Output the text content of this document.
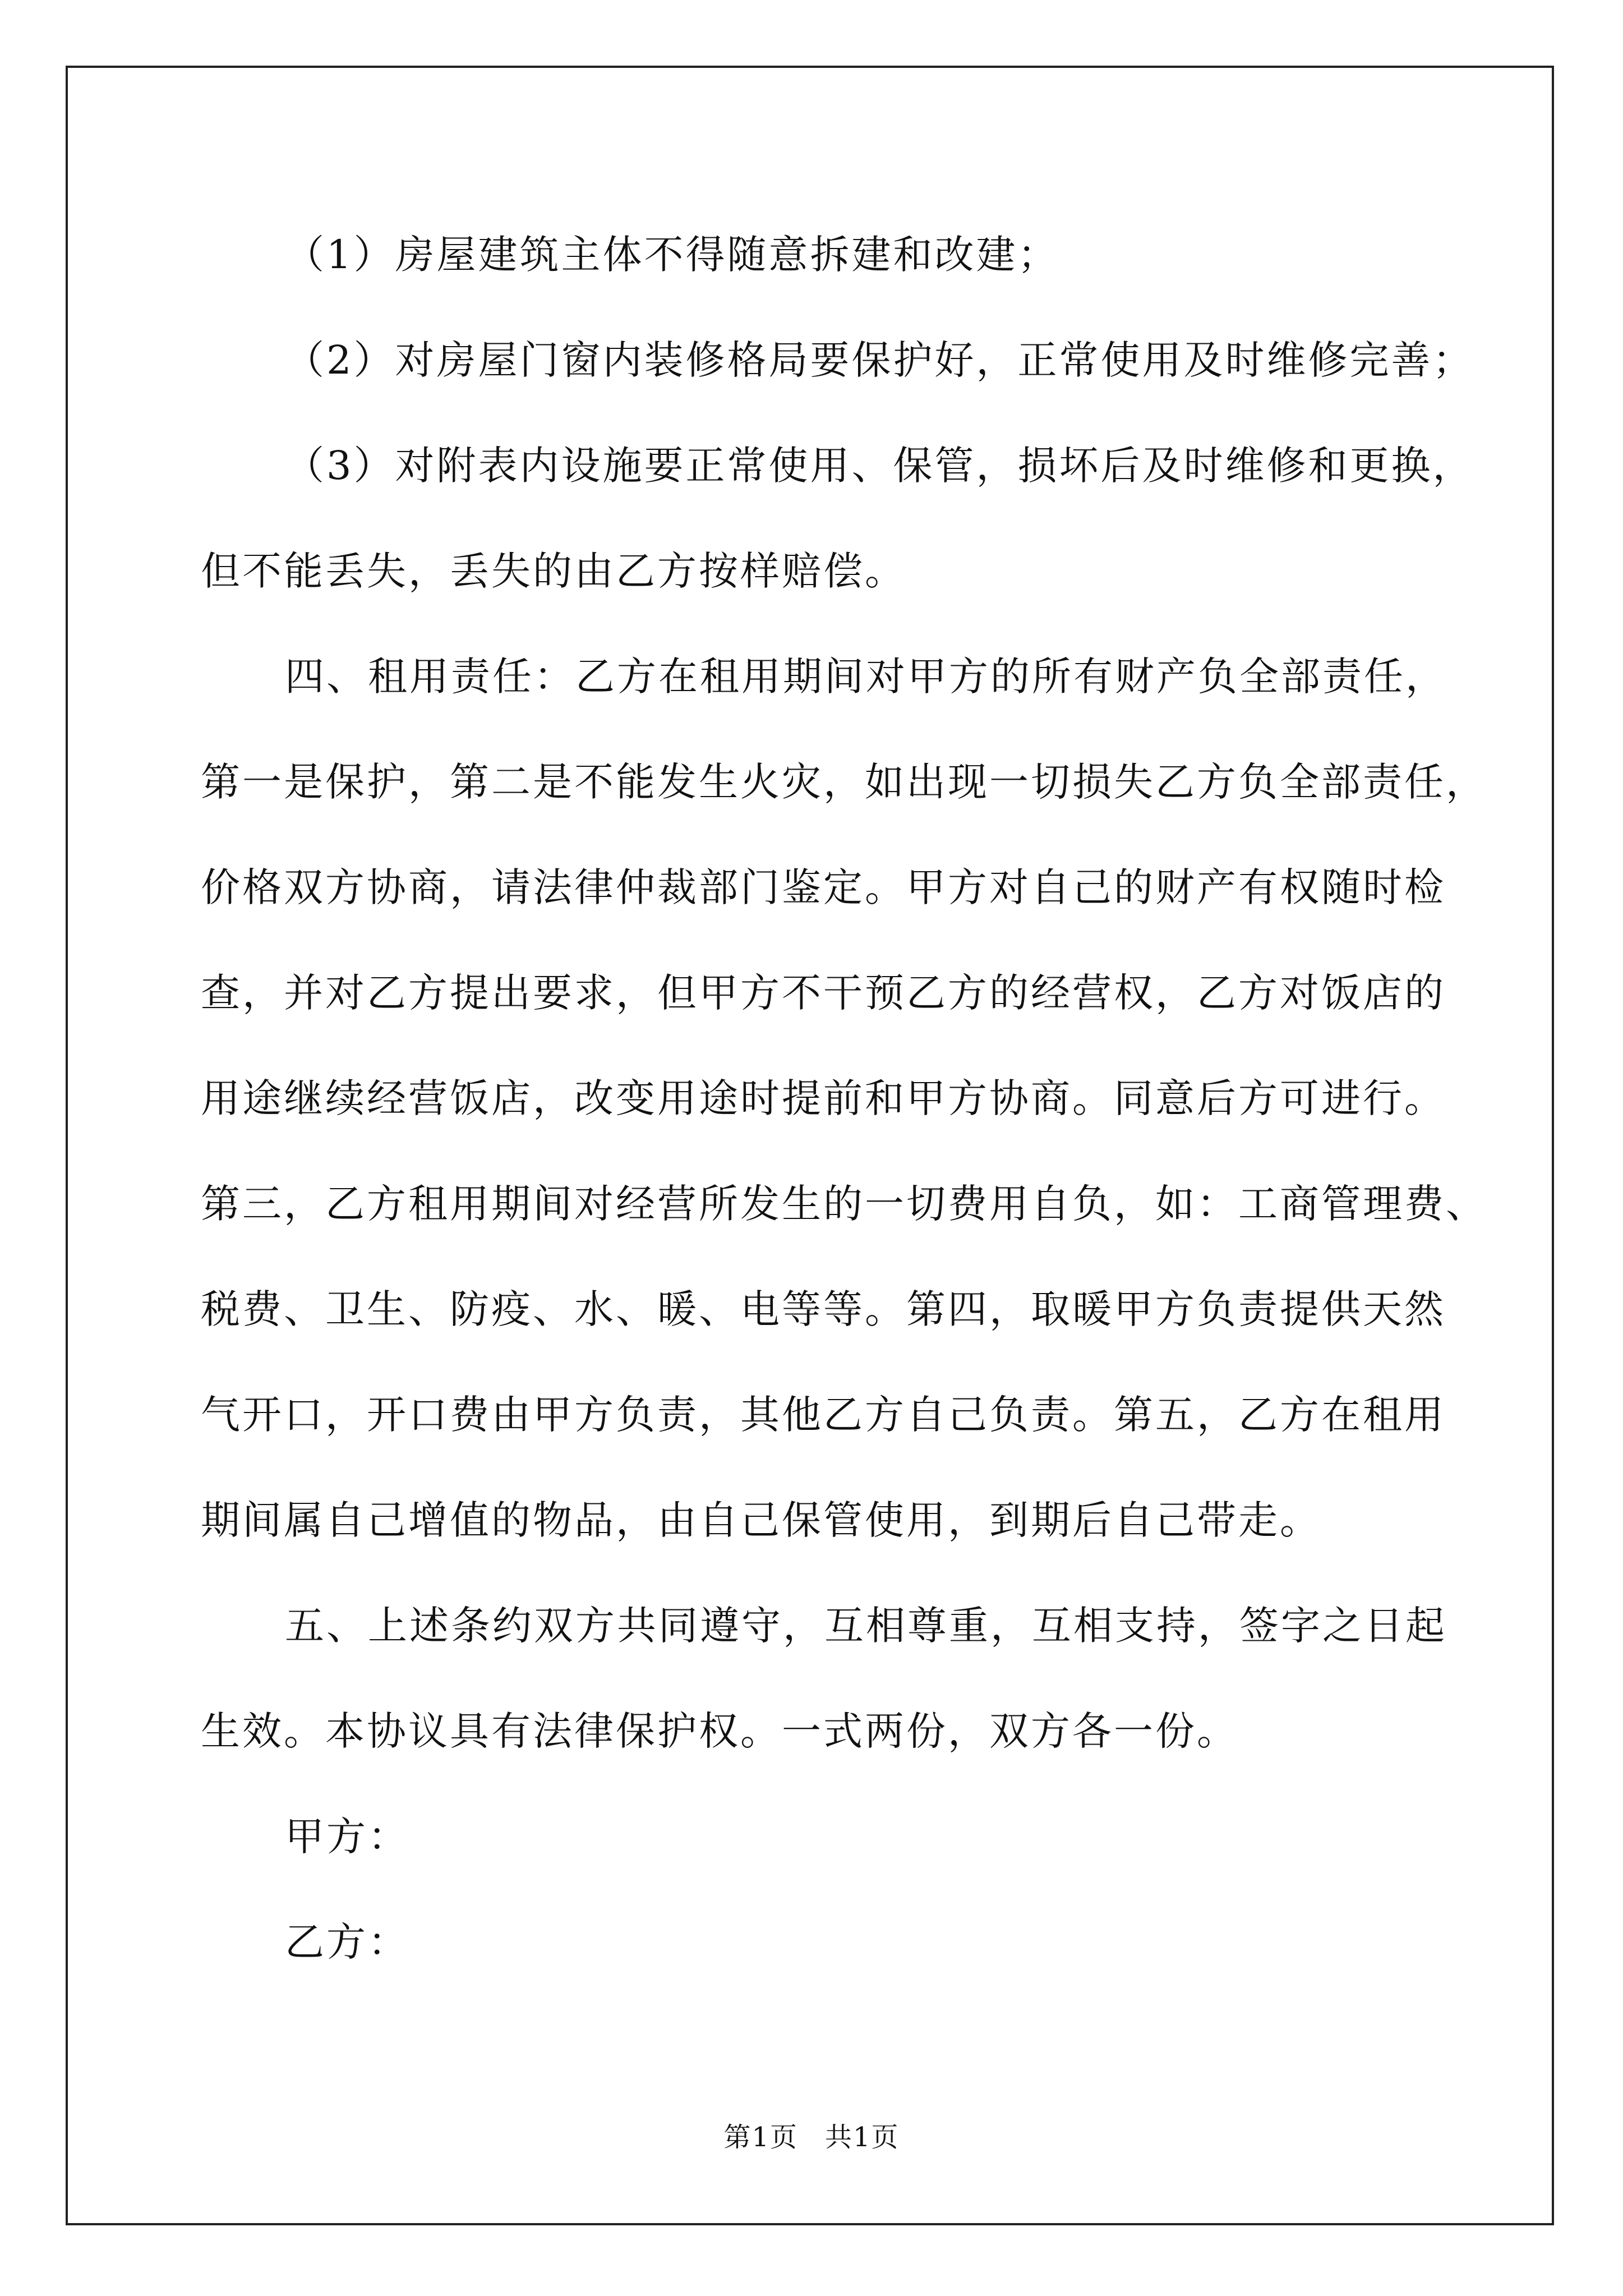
（1）房屋建筑主体不得随意拆建和改建；
（2）对房屋门窗内装修格局要保护好，正常使用及时维修完善；
（3）对附表内设施要正常使用、保管，损坏后及时维修和更换，
但不能丢失，丢失的由乙方按样赔偿。
四、租用责任：乙方在租用期间对甲方的所有财产负全部责任，
第一是保护，第二是不能发生火灾，如出现一切损失乙方负全部责任，
价格双方协商，请法律仲裁部门鉴定。甲方对自己的财产有权随时检
查，并对乙方提出要求，但甲方不干预乙方的经营权，乙方对饭店的
用途继续经营饭店，改变用途时提前和甲方协商。同意后方可进行。
第三，乙方租用期间对经营所发生的一切费用自负，如：工商管理费、
税费、卫生、防疫、水、暖、电等等。第四，取暖甲方负责提供天然
气开口，开口费由甲方负责，其他乙方自己负责。第五，乙方在租用
期间属自己增值的物品，由自己保管使用，到期后自己带走。
五、上述条约双方共同遵守，互相尊重，互相支持，签字之日起
生效。本协议具有法律保护权。一式两份，双方各一份。
甲方：
乙方：
第1页 共1页
